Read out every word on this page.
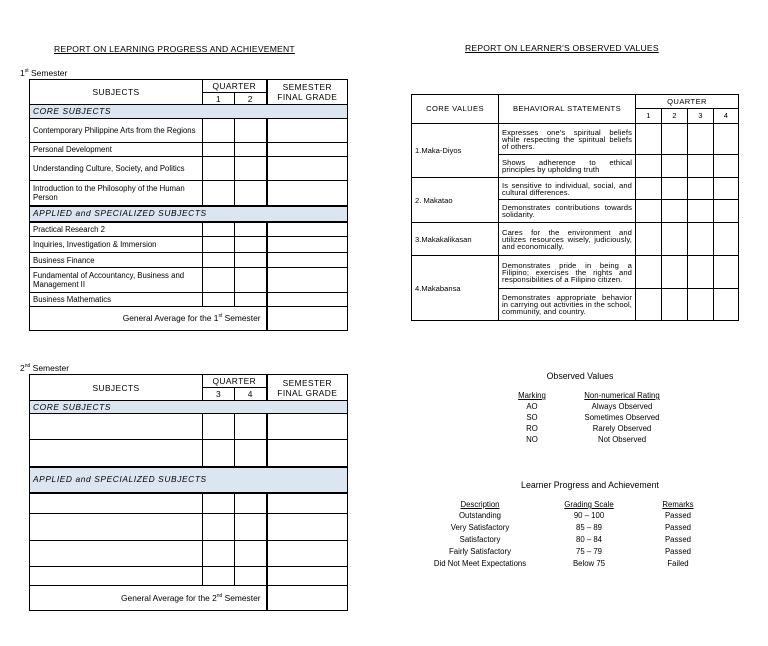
REPORT ON LEARNING PROGRESS AND ACHIEVEMENT
1st Semester
SUBJECTS	QUARTER		SEMESTER
FINAL GRADE
	1	2	
CORE SUBJECTS			
Contemporary Philippine Arts from the Regions			
Personal Development			
Understanding Culture, Society, and Politics			
Introduction to the Philosophy of the Human Person			
APPLIED and SPECIALIZED SUBJECTS			
Practical Research 2			
Inquiries, Investigation & Immersion			
Business Finance			
Fundamental of Accountancy, Business and Management II			
Business Mathematics			
General Average for the 1st Semester			
2nd Semester
SUBJECTS	QUARTER		SEMESTER
FINAL GRADE
	3	4	
CORE SUBJECTS			

APPLIED and SPECIALIZED SUBJECTS			

General Average for the 2nd Semester			
REPORT ON LEARNER'S OBSERVED VALUES
CORE VALUES	BEHAVIORAL STATEMENTS	QUARTER			
		1	2	3	4
1.Maka-Diyos	Expresses one's spiritual beliefs while respecting the spiritual beliefs of others.				
	Shows adherence to ethical principles by upholding truth				
2. Makatao	Is sensitive to individual, social, and cultural differences.				
	Demonstrates contributions towards solidarity.				
3.Makakalikasan	Cares for the environment and utilizes resources wisely, judiciously, and economically.				
4.Makabansa	Demonstrates pride in being a Filipino; exercises the rights and responsibilities of a Filipino citizen.				
	Demonstrates appropriate behavior in carrying out activities in the school, community, and country.				
Observed Values
Marking	Non-numerical Rating
AO	Always Observed
SO	Sometimes Observed
RO	Rarely Observed
NO	Not Observed
Learner Progress and Achievement
Description	Grading Scale	Remarks
Outstanding	90 – 100	Passed
Very Satisfactory	85 – 89	Passed
Satisfactory	80 – 84	Passed
Fairly Satisfactory	75 – 79	Passed
Did Not Meet Expectations	Below 75	Failed
